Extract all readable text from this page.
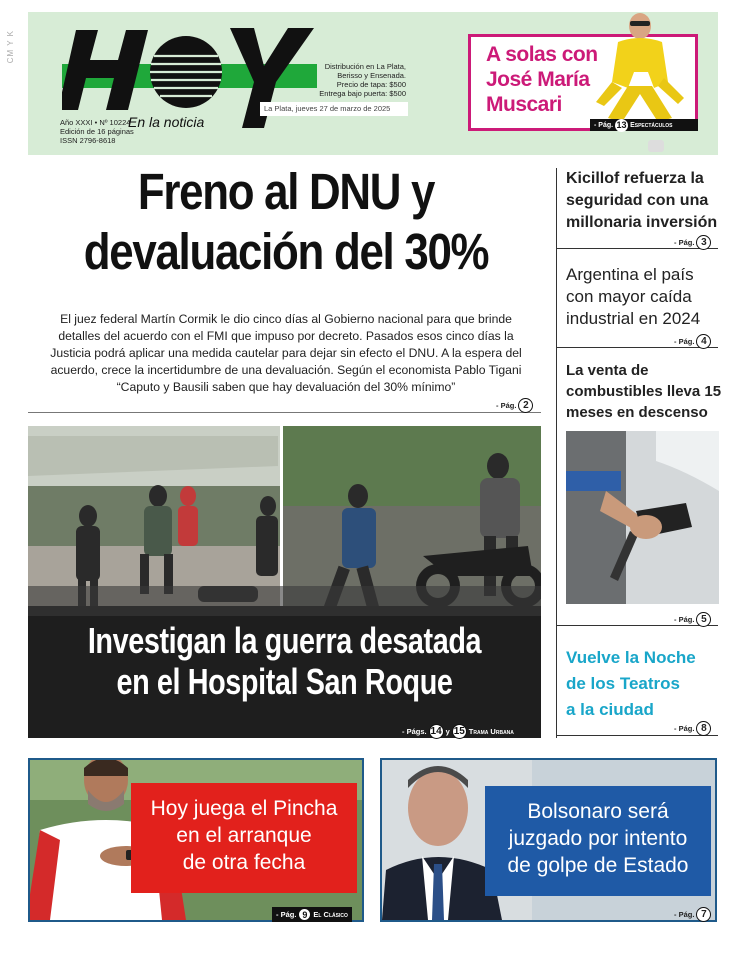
CM Y K
En la noticia
Distribución en La Plata,
Berisso y Ensenada.
Precio de tapa: $500
Entrega bajo puerta: $500
La Plata, jueves 27 de marzo de 2025
Año XXXI • Nº 10224
Edición de 16 páginas
ISSN 2796-8618
A solas con
José María
Muscari
- Pág. 13 Espectáculos
Freno al DNU y
devaluación del 30%
El juez federal Martín Cormik le dio cinco días al Gobierno nacional para que brinde
detalles del acuerdo con el FMI que impuso por decreto. Pasados esos cinco días la
Justicia podrá aplicar una medida cautelar para dejar sin efecto el DNU. A la espera del
acuerdo, crece la incertidumbre de una devaluación. Según el economista Pablo Tigani
“Caputo y Bausili saben que hay devaluación del 30% mínimo”
- Pág. 2
Investigan la guerra desatada
en el Hospital San Roque
- Págs. 14 y 15 Trama Urbana
Kicillof refuerza la
seguridad con una
millonaria inversión
- Pág. 3
Argentina el país
con mayor caída
industrial en 2024
- Pág. 4
La venta de
combustibles lleva 15
meses en descenso
- Pág. 5
Vuelve la Noche
de los Teatros
a la ciudad
- Pág. 8
Hoy juega el Pincha
en el arranque
de otra fecha
- Pág. 9 El Clásico
Bolsonaro será
juzgado por intento
de golpe de Estado
- Pág. 7
